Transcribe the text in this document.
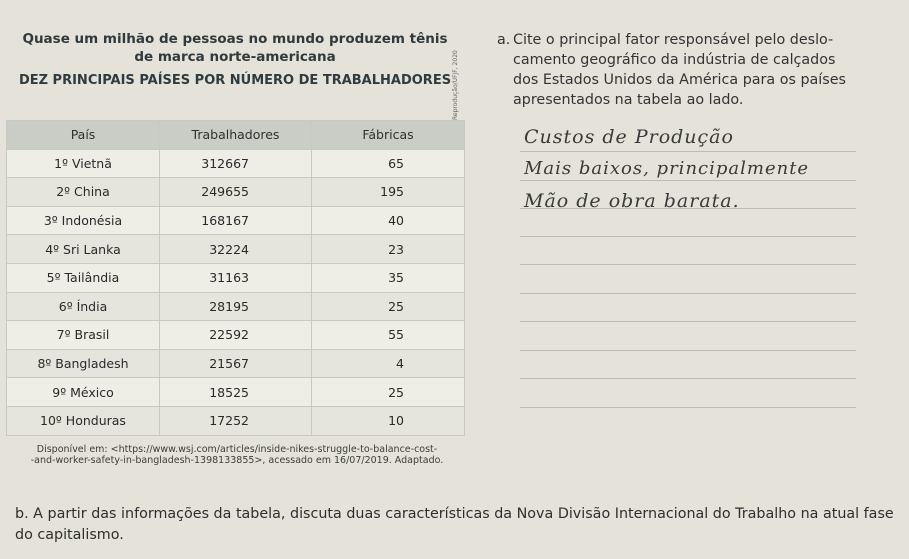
Quase um milhão de pessoas no mundo produzem tênis
de marca norte-americana
DEZ PRINCIPAIS PAÍSES POR NÚMERO DE TRABALHADORES
País	Trabalhadores	Fábricas
1º Vietnã	312667	65
2º China	249655	195
3º Indonésia	168167	40
4º Sri Lanka	32224	23
5º Tailândia	31163	35
6º Índia	28195	25
7º Brasil	22592	55
8º Bangladesh	21567	4
9º México	18525	25
10º Honduras	17252	10
Reprodução/UFJF, 2020
Disponível em: <https://www.wsj.com/articles/inside-nikes-struggle-to-balance-cost-
-and-worker-safety-in-bangladesh-1398133855>, acessado em 16/07/2019. Adaptado.
a. Cite o principal fator responsável pelo deslo-
camento geográfico da indústria de calçados
dos Estados Unidos da América para os países
apresentados na tabela ao lado.
Custos de Produção
Mais baixos, principalmente
Mão de obra barata.
b. A partir das informações da tabela, discuta duas características da Nova Divisão Internacional do Trabalho na atual fase do capitalismo.
